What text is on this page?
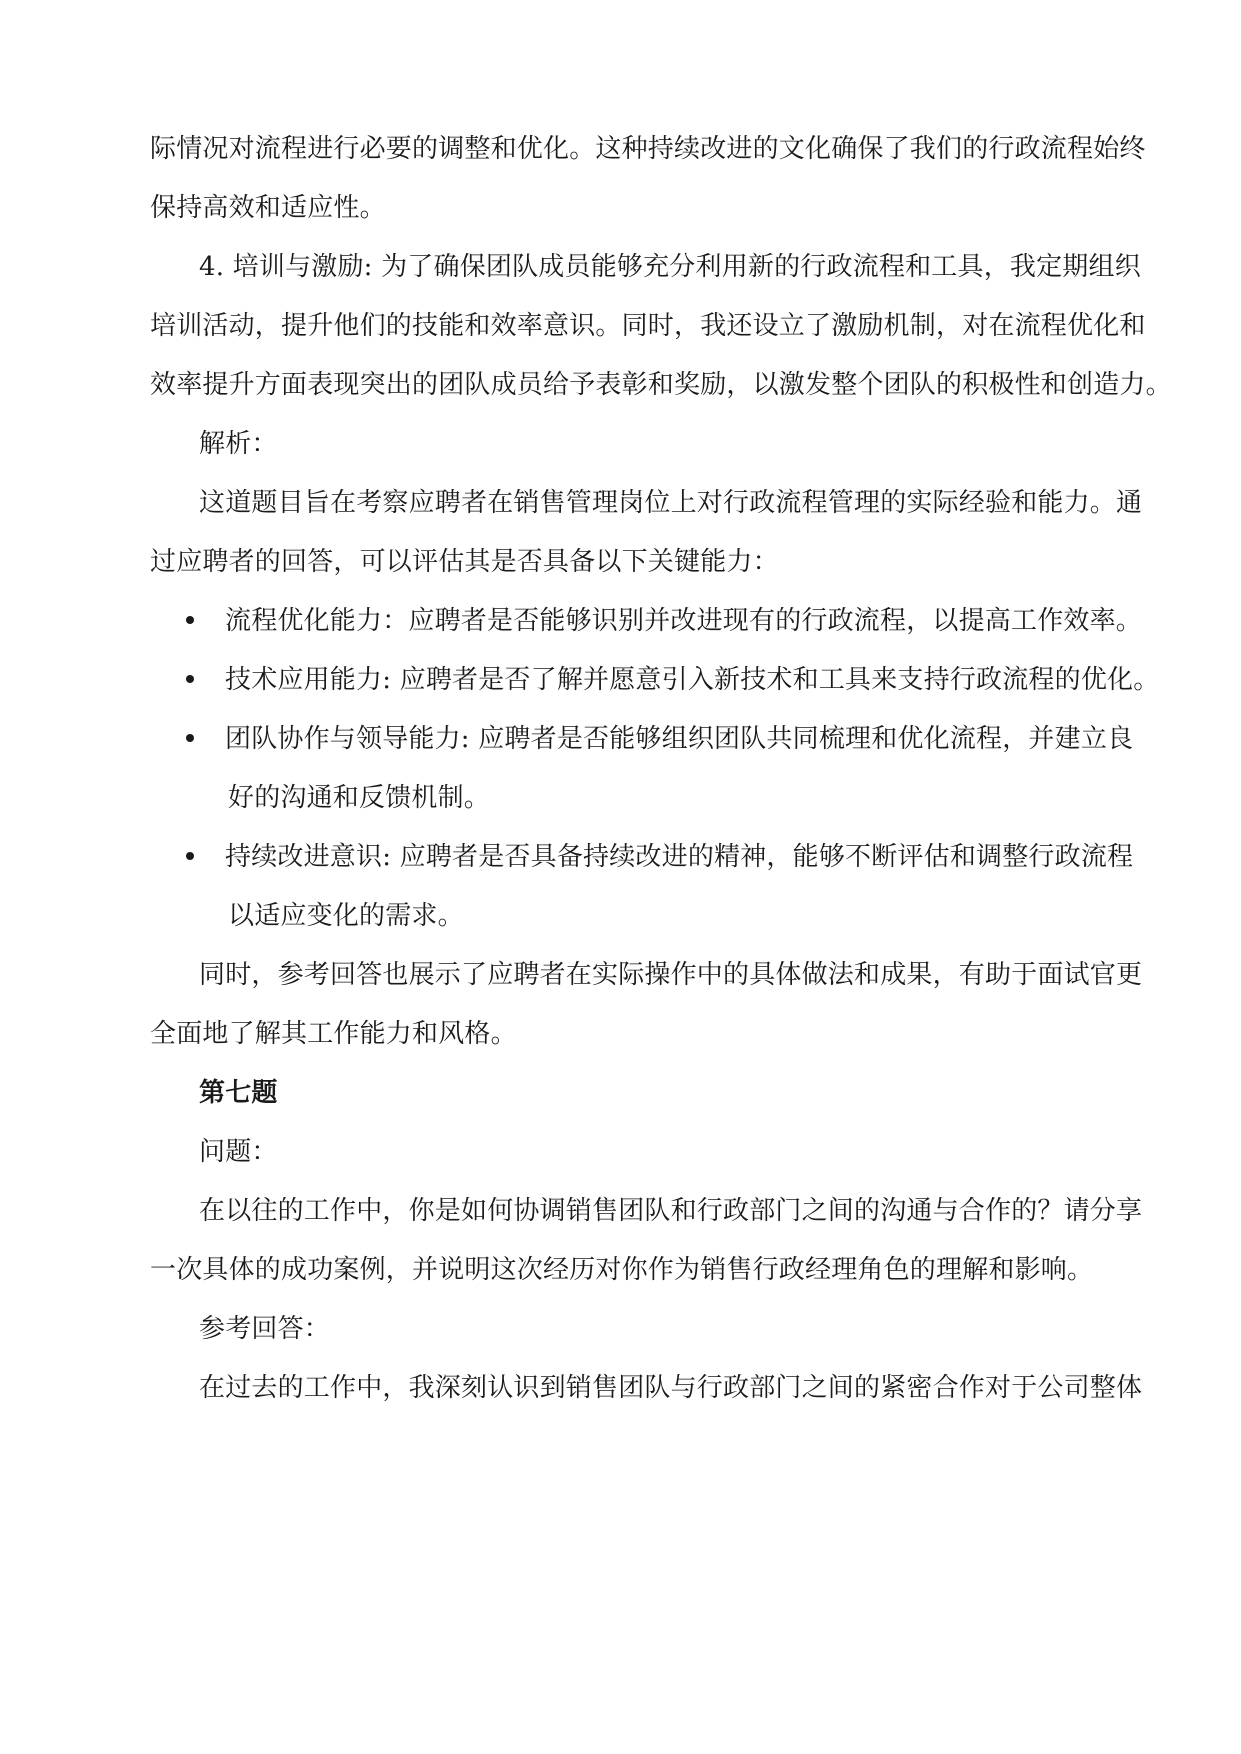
际情况对流程进行必要的调整和优化。这种持续改进的文化确保了我们的行政流程始终
保持高效和适应性。
4. 培训与激励: 为了确保团队成员能够充分利用新的行政流程和工具，我定期组织
培训活动，提升他们的技能和效率意识。同时，我还设立了激励机制，对在流程优化和
效率提升方面表现突出的团队成员给予表彰和奖励，以激发整个团队的积极性和创造力。
解析：
这道题目旨在考察应聘者在销售管理岗位上对行政流程管理的实际经验和能力。通
过应聘者的回答，可以评估其是否具备以下关键能力：
流程优化能力：应聘者是否能够识别并改进现有的行政流程，以提高工作效率。
技术应用能力: 应聘者是否了解并愿意引入新技术和工具来支持行政流程的优化。
团队协作与领导能力: 应聘者是否能够组织团队共同梳理和优化流程，并建立良
好的沟通和反馈机制。
持续改进意识: 应聘者是否具备持续改进的精神，能够不断评估和调整行政流程
以适应变化的需求。
同时，参考回答也展示了应聘者在实际操作中的具体做法和成果，有助于面试官更
全面地了解其工作能力和风格。
第七题
问题：
在以往的工作中，你是如何协调销售团队和行政部门之间的沟通与合作的？请分享
一次具体的成功案例，并说明这次经历对你作为销售行政经理角色的理解和影响。
参考回答：
在过去的工作中，我深刻认识到销售团队与行政部门之间的紧密合作对于公司整体
